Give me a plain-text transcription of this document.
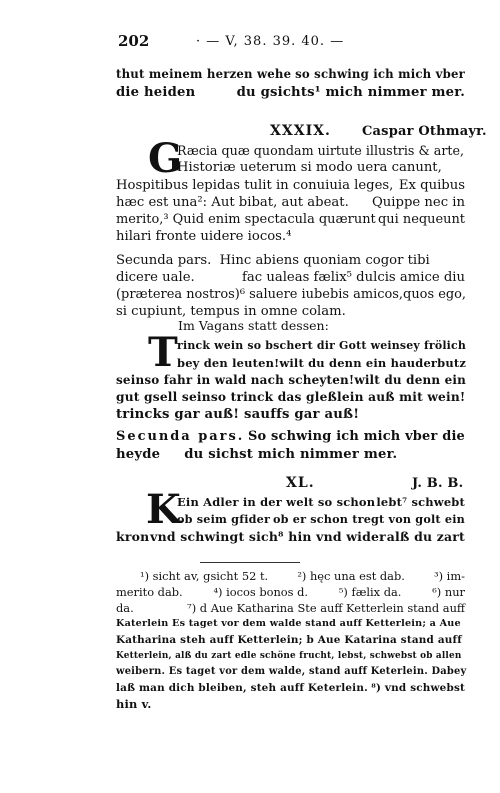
202	· — V, 38. 39. 40. —
thut meinem herzen wehe so schwing ich mich vber
die heiden	du gsichts¹ mich nimmer mer.
XXXIX. Caspar Othmayr.
G
Ræcia quæ quondam uirtute illustris & arte,
Historiæ ueterum si modo uera canunt,
Hospitibus lepidas tulit in conuiuia leges, Ex quibus
hæc est una²: Aut bibat, aut abeat. Quippe nec in
merito,³ Quid enim spectacula quærunt qui nequeunt
hilari fronte uidere iocos.⁴
Secunda pars.  Hinc abiens quoniam cogor tibi
dicere uale.	fac ualeas fælix⁵ dulcis amice diu
(præterea nostros)⁶ saluere iubebis amicos, quos ego,
si cupiunt, tempus in omne colam.
Im Vagans statt dessen:
T rinck wein so bschert dir Gott wein sey frölich
bey den leuten! wilt du denn ein hauderbutz
sein so fahr in wald nach scheyten! wilt du denn ein
gut gsell sein so trinck das gleßlein auß mit wein!
trincks gar auß! sauffs gar auß!
Secunda pars. So schwing ich mich vber die
heyde du sichst mich nimmer mer.
XL.	J. B. B.
K
Ein Adler in der welt so schon lebt⁷ schwebt
ob seim gfider ob er schon tregt von golt ein
kron vnd schwingt sich⁸ hin vnd wider alß du zart
¹) sicht av, gsicht 52 t.	²) hęc una est dab.	³) im-
merito dab.	⁴) iocos bonos d.	⁵) fælix da.	⁶) nur
da.	⁷) d Aue Katharina Ste auff Ketterlein stand auff
Katerlein Es taget vor dem walde stand auff Ketterlein; a Aue
Katharina steh auff Ketterlein; b Aue Katarina stand auff
Ketterlein, alß du zart edle schöne frucht, lebst, schwebst ob allen
weibern. Es taget vor dem walde, stand auff Keterlein. Dabey
laß man dich bleiben, steh auff Keterlein. ⁸) vnd schwebst
hin v.
